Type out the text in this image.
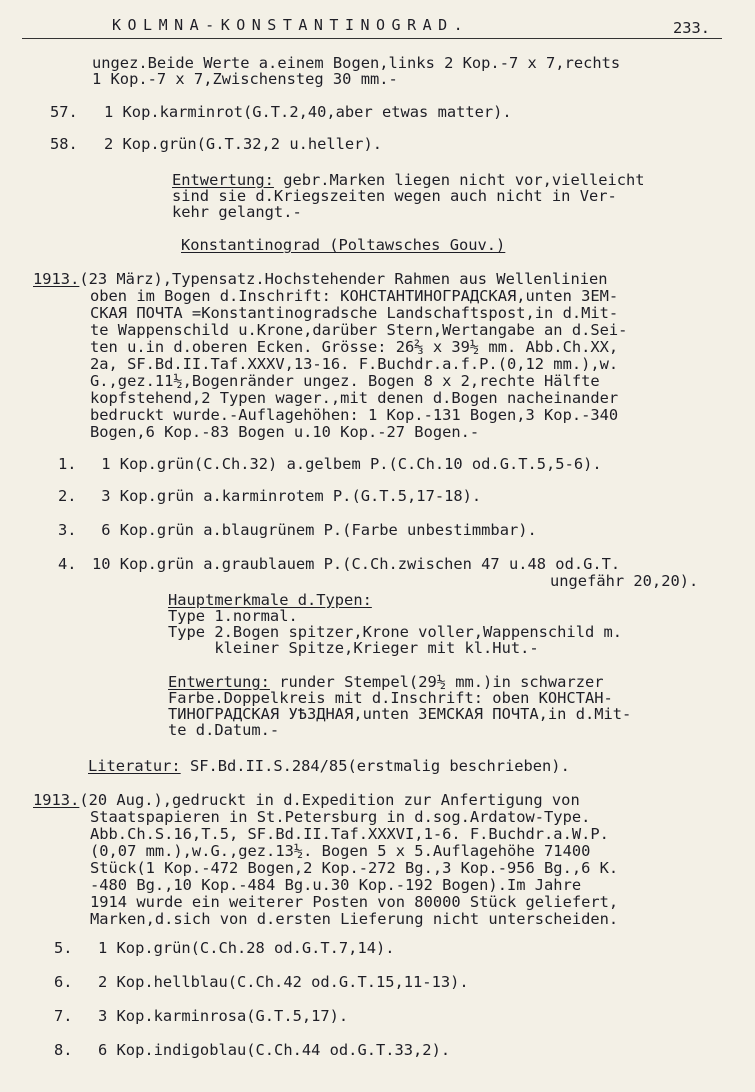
KOLMNA-KONSTANTINOGRAD.	233.
ungez.Beide Werte a.einem Bogen,links 2 Kop.-7 x 7,rechts
1 Kop.-7 x 7,Zwischensteg 30 mm.-
57. 1 Kop.karminrot(G.T.2,40,aber etwas matter).
58. 2 Kop.grün(G.T.32,2 u.heller).
Entwertung: gebr.Marken liegen nicht vor,vielleicht
sind sie d.Kriegszeiten wegen auch nicht in Ver-
kehr gelangt.-
Konstantinograd (Poltawsches Gouv.)
1913.(23 März),Typensatz.Hochstehender Rahmen aus Wellenlinien
oben im Bogen d.Inschrift: КОНСТАНТИНОГРАДСКАЯ,unten ЗЕМ-
СКАЯ ПОЧТА =Konstantinogradsche Landschaftspost,in d.Mit-
te Wappenschild u.Krone,darüber Stern,Wertangabe an d.Sei-
ten u.in d.oberen Ecken. Grösse: 26⅔ x 39½ mm. Abb.Ch.XX,
2a, SF.Bd.II.Taf.XXXV,13-16. F.Buchdr.a.f.P.(0,12 mm.),w.
G.,gez.11½,Bogenränder ungez. Bogen 8 x 2,rechte Hälfte
kopfstehend,2 Typen wager.,mit denen d.Bogen nacheinander
bedruckt wurde.-Auflagehöhen: 1 Kop.-131 Bogen,3 Kop.-340
Bogen,6 Kop.-83 Bogen u.10 Kop.-27 Bogen.-
1. 1 Kop.grün(C.Ch.32) a.gelbem P.(C.Ch.10 od.G.T.5,5-6).
2. 3 Kop.grün a.karminrotem P.(G.T.5,17-18).
3. 6 Kop.grün a.blaugrünem P.(Farbe unbestimmbar).
4. 10 Kop.grün a.graublauem P.(C.Ch.zwischen 47 u.48 od.G.T.
ungefähr 20,20).
Hauptmerkmale d.Typen:
Type 1.normal.
Type 2.Bogen spitzer,Krone voller,Wappenschild m.
kleiner Spitze,Krieger mit kl.Hut.-
Entwertung: runder Stempel(29½ mm.)in schwarzer
Farbe.Doppelkreis mit d.Inschrift: oben КОНСТАН-
ТИНОГРАДСКАЯ УѢЗДНАЯ,unten ЗЕМСКАЯ ПОЧТА,in d.Mit-
te d.Datum.-
Literatur: SF.Bd.II.S.284/85(erstmalig beschrieben).
1913.(20 Aug.),gedruckt in d.Expedition zur Anfertigung von
Staatspapieren in St.Petersburg in d.sog.Ardatow-Type.
Abb.Ch.S.16,T.5, SF.Bd.II.Taf.XXXVI,1-6. F.Buchdr.a.W.P.
(0,07 mm.),w.G.,gez.13½. Bogen 5 x 5.Auflagehöhe 71400
Stück(1 Kop.-472 Bogen,2 Kop.-272 Bg.,3 Kop.-956 Bg.,6 K.
-480 Bg.,10 Kop.-484 Bg.u.30 Kop.-192 Bogen).Im Jahre
1914 wurde ein weiterer Posten von 80000 Stück geliefert,
Marken,d.sich von d.ersten Lieferung nicht unterscheiden.
5. 1 Kop.grün(C.Ch.28 od.G.T.7,14).
6. 2 Kop.hellblau(C.Ch.42 od.G.T.15,11-13).
7. 3 Kop.karminrosa(G.T.5,17).
8. 6 Kop.indigoblau(C.Ch.44 od.G.T.33,2).
